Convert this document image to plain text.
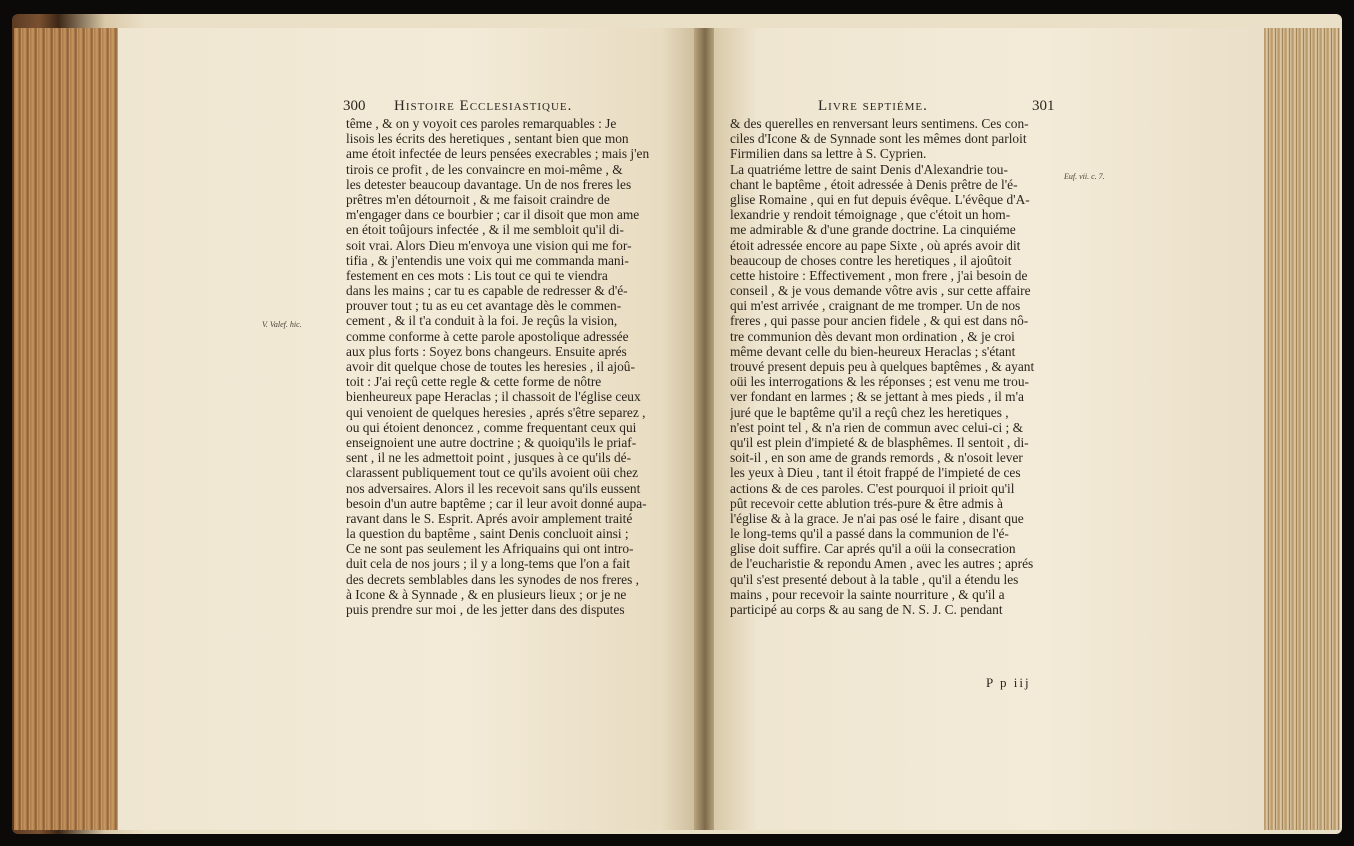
300 Histoire Ecclesiastique.
V. Valef. hic.
tême , & on y voyoit ces paroles remarquables : Je
lisois les écrits des heretiques , sentant bien que mon
ame étoit infectée de leurs pensées execrables ; mais j'en
tirois ce profit , de les convaincre en moi-même , &
les detester beaucoup davantage. Un de nos freres les
prêtres m'en détournoit , & me faisoit craindre de
m'engager dans ce bourbier ; car il disoit que mon ame
en étoit toûjours infectée , & il me sembloit qu'il di-
soit vrai. Alors Dieu m'envoya une vision qui me for-
tifia , & j'entendis une voix qui me commanda mani-
festement en ces mots : Lis tout ce qui te viendra
dans les mains ; car tu es capable de redresser & d'é-
prouver tout ; tu as eu cet avantage dès le commen-
cement , & il t'a conduit à la foi. Je reçûs la vision,
comme conforme à cette parole apostolique adressée
aux plus forts : Soyez bons changeurs. Ensuite aprés
avoir dit quelque chose de toutes les heresies , il ajoû-
toit : J'ai reçû cette regle & cette forme de nôtre
bienheureux pape Heraclas ; il chassoit de l'église ceux
qui venoient de quelques heresies , aprés s'être separez ,
ou qui étoient denoncez , comme frequentant ceux qui
enseignoient une autre doctrine ; & quoiqu'ils le priaf-
sent , il ne les admettoit point , jusques à ce qu'ils dé-
clarassent publiquement tout ce qu'ils avoient oüi chez
nos adversaires. Alors il les recevoit sans qu'ils eussent
besoin d'un autre baptême ; car il leur avoit donné aupa-
ravant dans le S. Esprit. Aprés avoir amplement traité
la question du baptême , saint Denis concluoit ainsi ;
Ce ne sont pas seulement les Afriquains qui ont intro-
duit cela de nos jours ; il y a long-tems que l'on a fait
des decrets semblables dans les synodes de nos freres ,
à Icone & à Synnade , & en plusieurs lieux ; or je ne
puis prendre sur moi , de les jetter dans des disputes
Livre septiéme.	301
Euf. vii. c. 7.
& des querelles en renversant leurs sentimens. Ces con-
ciles d'Icone & de Synnade sont les mêmes dont parloit
Firmilien dans sa lettre à S. Cyprien.
La quatriéme lettre de saint Denis d'Alexandrie tou-
chant le baptême , étoit adressée à Denis prêtre de l'é-
glise Romaine , qui en fut depuis évêque. L'évêque d'A-
lexandrie y rendoit témoignage , que c'étoit un hom-
me admirable & d'une grande doctrine. La cinquiéme
étoit adressée encore au pape Sixte , où aprés avoir dit
beaucoup de choses contre les heretiques , il ajoûtoit
cette histoire : Effectivement , mon frere , j'ai besoin de
conseil , & je vous demande vôtre avis , sur cette affaire
qui m'est arrivée , craignant de me tromper. Un de nos
freres , qui passe pour ancien fidele , & qui est dans nô-
tre communion dès devant mon ordination , & je croi
même devant celle du bien-heureux Heraclas ; s'étant
trouvé present depuis peu à quelques baptêmes , & ayant
oüi les interrogations & les réponses ; est venu me trou-
ver fondant en larmes ; & se jettant à mes pieds , il m'a
juré que le baptême qu'il a reçû chez les heretiques ,
n'est point tel , & n'a rien de commun avec celui-ci ; &
qu'il est plein d'impieté & de blasphêmes. Il sentoit , di-
soit-il , en son ame de grands remords , & n'osoit lever
les yeux à Dieu , tant il étoit frappé de l'impieté de ces
actions & de ces paroles. C'est pourquoi il prioit qu'il
pût recevoir cette ablution trés-pure & être admis à
l'église & à la grace. Je n'ai pas osé le faire , disant que
le long-tems qu'il a passé dans la communion de l'é-
glise doit suffire. Car aprés qu'il a oüi la consecration
de l'eucharistie & repondu Amen , avec les autres ; aprés
qu'il s'est presenté debout à la table , qu'il a étendu les
mains , pour recevoir la sainte nourriture , & qu'il a
participé au corps & au sang de N. S. J. C. pendant
P p iij
